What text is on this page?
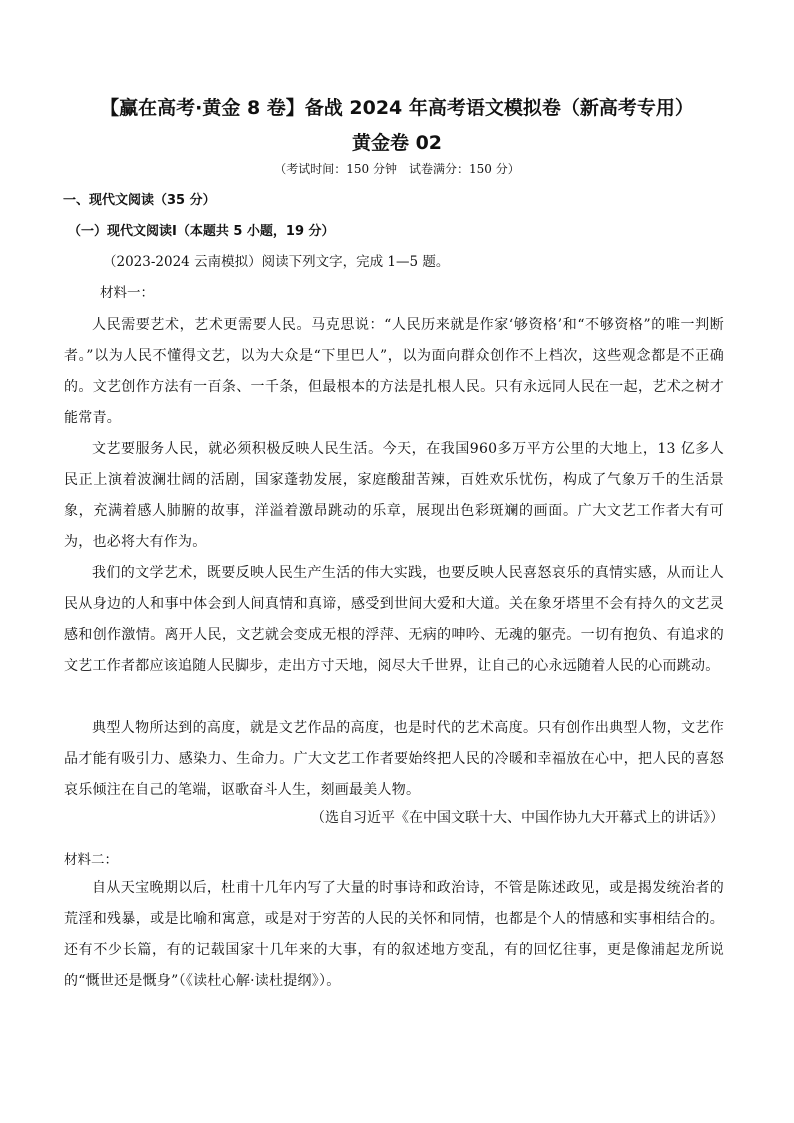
【赢在高考·黄金 8 卷】备战 2024 年高考语文模拟卷（新高考专用）
黄金卷 02
（考试时间：150 分钟　试卷满分：150 分）
一、现代文阅读（35 分）
（一）现代文阅读Ⅰ（本题共 5 小题，19 分）
（2023-2024 云南模拟）阅读下列文字，完成 1—5 题。
材料一：

人民需要艺术，艺术更需要人民。马克思说：“人民历来就是作家‘够资格’和“不够资格”的唯一判断者。”以为人民不懂得文艺，以为大众是“下里巴人”，以为面向群众创作不上档次，这些观念都是不正确的。文艺创作方法有一百条、一千条，但最根本的方法是扎根人民。只有永远同人民在一起，艺术之树才能常青。

文艺要服务人民，就必须积极反映人民生活。今天，在我国960多万平方公里的大地上，13 亿多人民正上演着波澜壮阔的活剧，国家蓬勃发展，家庭酸甜苦辣，百姓欢乐忧伤，构成了气象万千的生活景象，充满着感人肺腑的故事，洋溢着激昂跳动的乐章，展现出色彩斑斓的画面。广大文艺工作者大有可为，也必将大有作为。

我们的文学艺术，既要反映人民生产生活的伟大实践，也要反映人民喜怒哀乐的真情实感，从而让人民从身边的人和事中体会到人间真情和真谛，感受到世间大爱和大道。关在象牙塔里不会有持久的文艺灵感和创作激情。离开人民，文艺就会变成无根的浮萍、无病的呻吟、无魂的躯壳。一切有抱负、有追求的文艺工作者都应该追随人民脚步，走出方寸天地，阅尽大千世界，让自己的心永远随着人民的心而跳动。

典型人物所达到的高度，就是文艺作品的高度，也是时代的艺术高度。只有创作出典型人物，文艺作品才能有吸引力、感染力、生命力。广大文艺工作者要始终把人民的冷暖和幸福放在心中，把人民的喜怒哀乐倾注在自己的笔端，讴歌奋斗人生，刻画最美人物。

（选自习近平《在中国文联十大、中国作协九大开幕式上的讲话》）
材料二：

自从天宝晚期以后，杜甫十几年内写了大量的时事诗和政治诗，不管是陈述政见，或是揭发统治者的荒淫和残暴，或是比喻和寓意，或是对于穷苦的人民的关怀和同情，也都是个人的情感和实事相结合的。还有不少长篇，有的记载国家十几年来的大事，有的叙述地方变乱，有的回忆往事，更是像浦起龙所说的“慨世还是慨身”（《读杜心解·读杜提纲》）。
